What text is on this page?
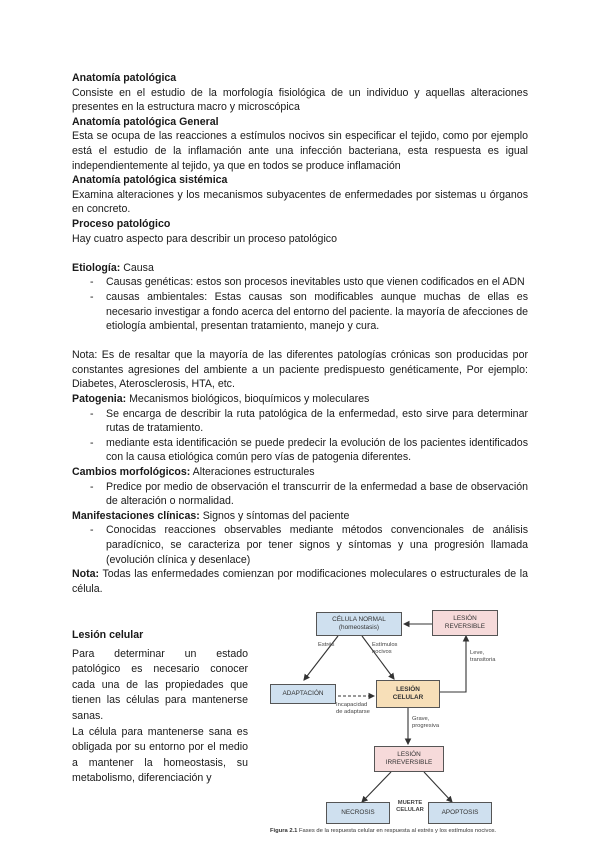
Anatomía patológica

Consiste en el estudio de la morfología fisiológica de un individuo y aquellas alteraciones presentes en la estructura macro y microscópica

Anatomía patológica General

Esta se ocupa de las reacciones a estímulos nocivos sin especificar el tejido, como por ejemplo está el estudio de la inflamación ante una infección bacteriana, esta respuesta es igual independientemente al tejido, ya que en todos se produce inflamación

Anatomía patológica sistémica

Examina alteraciones y los mecanismos subyacentes de enfermedades por sistemas u órganos en concreto.

Proceso patológico

Hay cuatro aspecto para describir un proceso patológico

Etiología: Causa

- Causas genéticas: estos son procesos inevitables usto que vienen codificados en el ADN
- causas ambientales: Estas causas son modificables aunque muchas de ellas es necesario investigar a fondo acerca del entorno del paciente. la mayoría de afecciones de etiología ambiental, presentan tratamiento, manejo y cura.

Nota: Es de resaltar que la mayoría de las diferentes patologías crónicas son producidas por constantes agresiones del ambiente a un paciente predispuesto genéticamente, Por ejemplo: Diabetes, Aterosclerosis, HTA, etc.

Patogenia: Mecanismos biológicos, bioquímicos y moleculares

- Se encarga de describir la ruta patológica de la enfermedad, esto sirve para determinar rutas de tratamiento.
- mediante esta identificación se puede predecir la evolución de los pacientes identificados con la causa etiológica común pero vías de patogenia diferentes.

Cambios morfológicos: Alteraciones estructurales

- Predice por medio de observación el transcurrir de la enfermedad a base de observación de alteración o normalidad.

Manifestaciones clínicas: Signos y síntomas del paciente

- Conocidas reacciones observables mediante métodos convencionales de análisis paradícnico, se caracteriza por tener signos y síntomas y una progresión llamada (evolución clínica y desenlace)

Nota: Todas las enfermedades comienzan por modificaciones moleculares o estructurales de la célula.

Lesión celular

Para determinar un estado patológico es necesario conocer cada una de las propiedades que tienen las células para mantenerse sanas.

La célula para mantenerse sana es obligada por su entorno por el medio a mantener la homeostasis, su metabolismo, diferenciación y

CÉLULA NORMAL
(homeostasis)
LESIÓN
REVERSIBLE
ADAPTACIÓN
LESIÓN
CELULAR
LESIÓN
IRREVERSIBLE
NECROSIS	APOPTOSIS
MUERTE
CELULAR
Estrés	Estímulos
nocivos
Incapacidad
de adaptarse
Leve,
transitoria
Grave,
progresiva
Figura 2.1 Fases de la respuesta celular en respuesta al estrés y los estímulos nocivos.
